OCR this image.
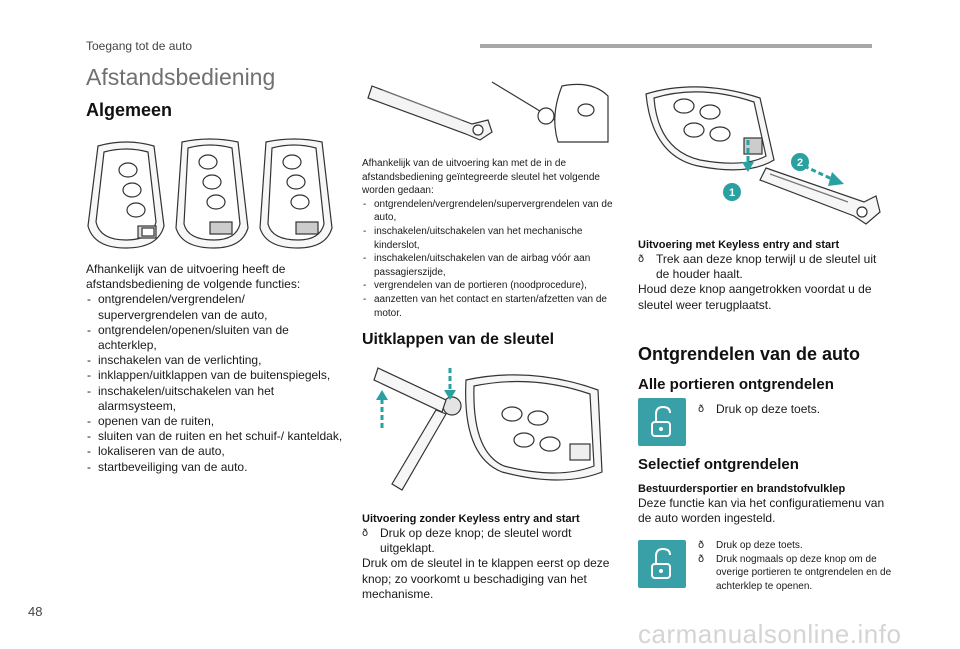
Toegang tot de auto
Afstandsbediening
Algemeen

Afhankelijk van de uitvoering heeft de afstandsbediening de volgende functies:

- ontgrendelen/vergrendelen/ supervergrendelen van de auto,
- ontgrendelen/openen/sluiten van de achterklep,
- inschakelen van de verlichting,
- inklappen/uitklappen van de buitenspiegels,
- inschakelen/uitschakelen van het alarmsysteem,
- openen van de ruiten,
- sluiten van de ruiten en het schuif-/ kanteldak,
- lokaliseren van de auto,
- startbeveiliging van de auto.

Afhankelijk van de uitvoering kan met de in de afstandsbediening geïntegreerde sleutel het volgende worden gedaan:

- ontgrendelen/vergrendelen/supervergrendelen van de auto,
- inschakelen/uitschakelen van het mechanische kinderslot,
- inschakelen/uitschakelen van de airbag vóór aan passagierszijde,
- vergrendelen van de portieren (noodprocedure),
- aanzetten van het contact en starten/afzetten van de motor.
Uitklappen van de sleutel

Uitvoering zonder Keyless entry and start

ð Druk op deze knop; de sleutel wordt uitgeklapt.

Druk om de sleutel in te klappen eerst op deze knop; zo voorkomt u beschadiging van het mechanisme.

1
2

Uitvoering met Keyless entry and start

ð Trek aan deze knop terwijl u de sleutel uit de houder haalt.

Houd deze knop aangetrokken voordat u de sleutel weer terugplaatst.

Ontgrendelen van de auto
Alle portieren ontgrendelen
ð Druk op deze toets.
Selectief ontgrendelen

Bestuurdersportier en brandstofvulklep

Deze functie kan via het configuratiemenu van de auto worden ingesteld.

ð Druk op deze toets.
ð Druk nogmaals op deze knop om de overige portieren te ontgrendelen en de achterklep te openen.
48
carmanualsonline.info
